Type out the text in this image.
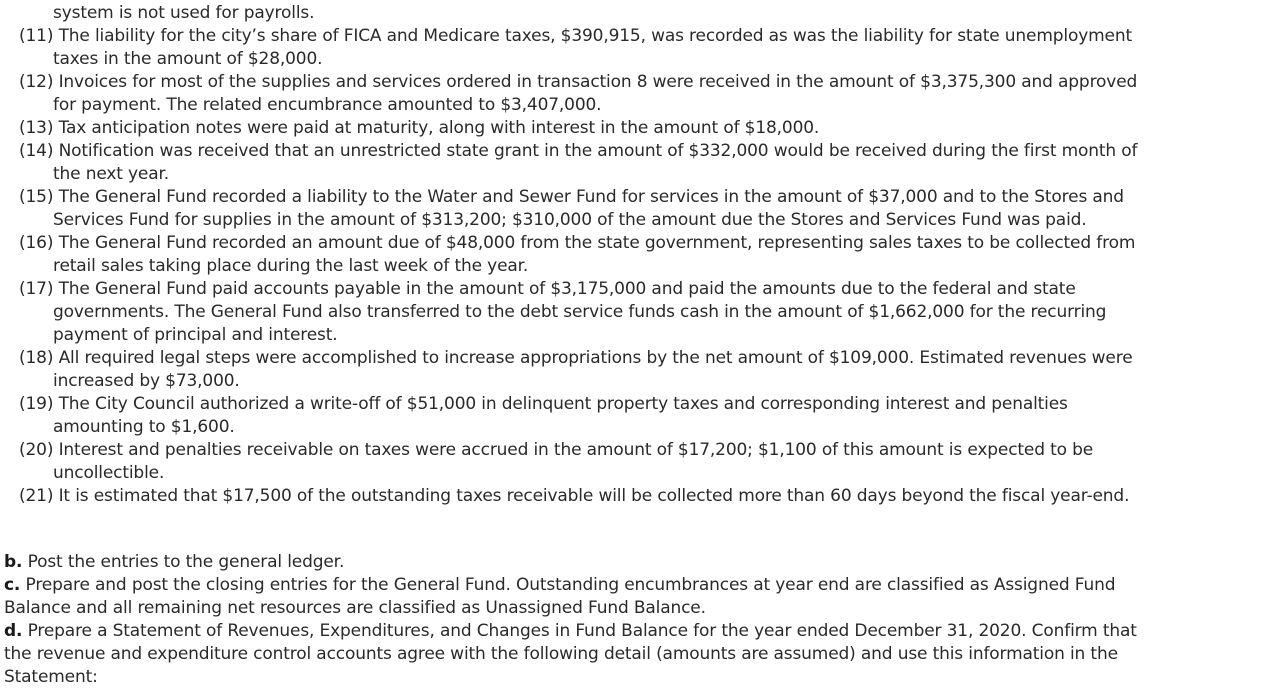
system is not used for payrolls.
(11) The liability for the city’s share of FICA and Medicare taxes, $390,915, was recorded as was the liability for state unemployment
taxes in the amount of $28,000.
(12) Invoices for most of the supplies and services ordered in transaction 8 were received in the amount of $3,375,300 and approved
for payment. The related encumbrance amounted to $3,407,000.
(13) Tax anticipation notes were paid at maturity, along with interest in the amount of $18,000.
(14) Notification was received that an unrestricted state grant in the amount of $332,000 would be received during the first month of
the next year.
(15) The General Fund recorded a liability to the Water and Sewer Fund for services in the amount of $37,000 and to the Stores and
Services Fund for supplies in the amount of $313,200; $310,000 of the amount due the Stores and Services Fund was paid.
(16) The General Fund recorded an amount due of $48,000 from the state government, representing sales taxes to be collected from
retail sales taking place during the last week of the year.
(17) The General Fund paid accounts payable in the amount of $3,175,000 and paid the amounts due to the federal and state
governments. The General Fund also transferred to the debt service funds cash in the amount of $1,662,000 for the recurring
payment of principal and interest.
(18) All required legal steps were accomplished to increase appropriations by the net amount of $109,000. Estimated revenues were
increased by $73,000.
(19) The City Council authorized a write-off of $51,000 in delinquent property taxes and corresponding interest and penalties
amounting to $1,600.
(20) Interest and penalties receivable on taxes were accrued in the amount of $17,200; $1,100 of this amount is expected to be
uncollectible.
(21) It is estimated that $17,500 of the outstanding taxes receivable will be collected more than 60 days beyond the fiscal year-end.
b. Post the entries to the general ledger.
c. Prepare and post the closing entries for the General Fund. Outstanding encumbrances at year end are classified as Assigned Fund
Balance and all remaining net resources are classified as Unassigned Fund Balance.
d. Prepare a Statement of Revenues, Expenditures, and Changes in Fund Balance for the year ended December 31, 2020. Confirm that
the revenue and expenditure control accounts agree with the following detail (amounts are assumed) and use this information in the
Statement:
